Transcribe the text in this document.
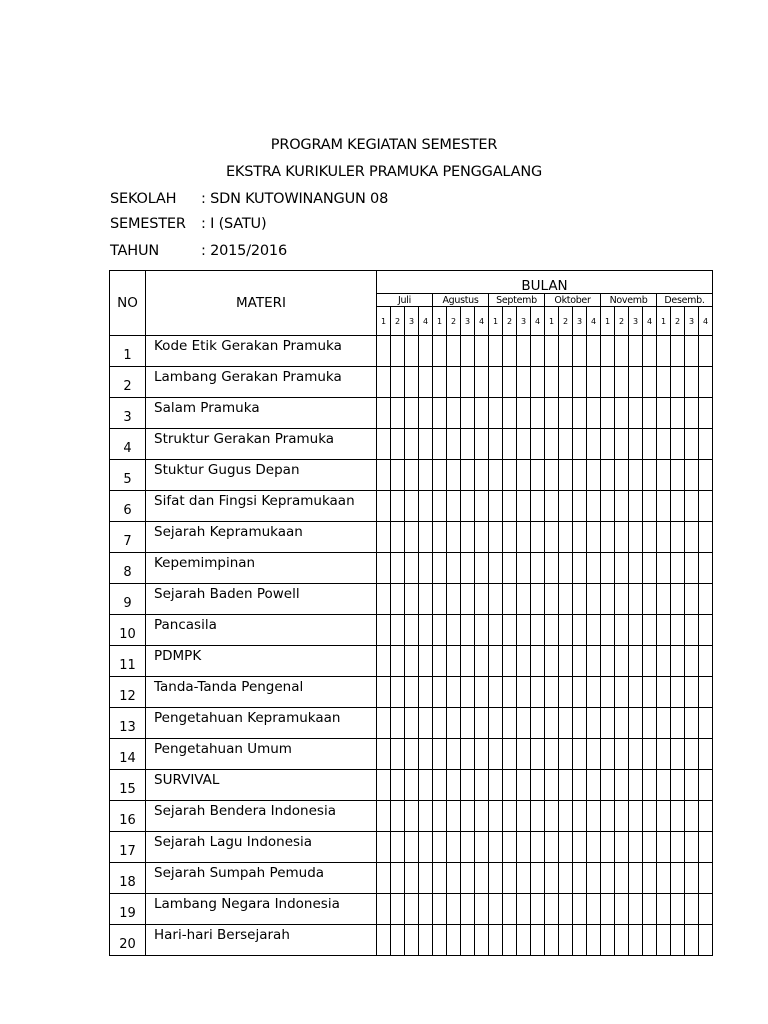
PROGRAM KEGIATAN SEMESTER
EKSTRA KURIKULER PRAMUKA PENGGALANG
SEKOLAH : SDN KUTOWINANGUN 08
SEMESTER : I (SATU)
TAHUN	: 2015/2016
NO	MATERI	BULAN																							
		Juli				Agustus				Septemb				Oktober				Novemb				Desemb.			
		1	2	3	4	1	2	3	4	1	2	3	4	1	2	3	4	1	2	3	4	1	2	3	4
1	Kode Etik Gerakan Pramuka																								
2	Lambang Gerakan Pramuka																								
3	Salam Pramuka																								
4	Struktur Gerakan Pramuka																								
5	Stuktur Gugus Depan																								
6	Sifat dan Fingsi Kepramukaan																								
7	Sejarah Kepramukaan																								
8	Kepemimpinan																								
9	Sejarah Baden Powell																								
10	Pancasila																								
11	PDMPK																								
12	Tanda-Tanda Pengenal																								
13	Pengetahuan Kepramukaan																								
14	Pengetahuan Umum																								
15	SURVIVAL																								
16	Sejarah Bendera Indonesia																								
17	Sejarah Lagu Indonesia																								
18	Sejarah Sumpah Pemuda																								
19	Lambang Negara Indonesia																								
20	Hari-hari Bersejarah																								
